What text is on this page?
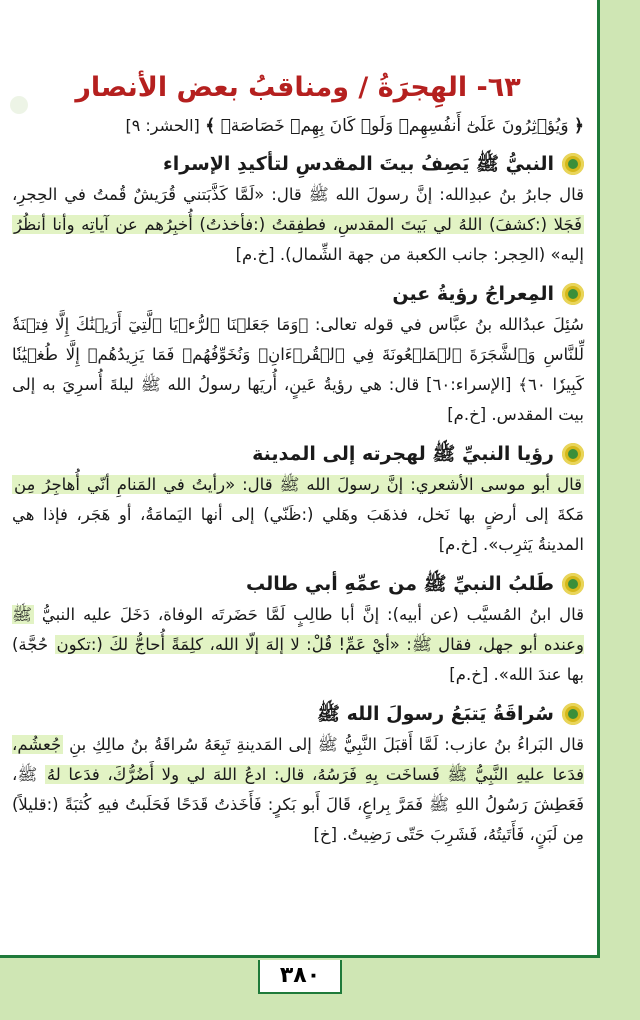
٦٣- الهِجرَةُ / ومناقبُ بعض الأنصار
﴿ وَيُؤۡثِرُونَ عَلَىٰٓ أَنفُسِهِمۡ وَلَوۡ كَانَ بِهِمۡ خَصَاصَةٞ ﴾ [الحشر: ٩]
النبيُّ ﷺ يَصِفُ بيتَ المقدسِ لتأكيدِ الإسراء
قال جابرُ بنُ عبدِالله: إنَّ رسولَ الله ﷺ قال: «لَمَّا كَذَّبَتني قُرَيشٌ قُمتُ في الحِجرِ، فَجَلا (:كشفَ) اللهُ لي بَيتَ المقدسِ، فطفِقتُ (:فأخذتُ) أُخبِرُهم عن آياتِه وأنا أنظُرُ إليه» (الحِجر: جانب الكعبة من جهة الشِّمال). [خ.م]
المِعراجُ رؤيةُ عين
سُئِلَ عبدُالله بنُ عبَّاس في قوله تعالى: ﴿وَمَا جَعَلۡنَا ٱلرُّءۡيَا ٱلَّتِيٓ أَرَيۡنَٰكَ إِلَّا فِتۡنَةٗ لِّلنَّاسِ وَٱلشَّجَرَةَ ٱلۡمَلۡعُونَةَ فِي ٱلۡقُرۡءَانِۚ وَنُخَوِّفُهُمۡ فَمَا يَزِيدُهُمۡ إِلَّا طُغۡيَٰنٗا كَبِيرٗا ٦٠﴾ [الإسراء:٦٠] قال: هي رؤيةُ عَينٍ، أُريَها رسولُ الله ﷺ ليلةَ أُسرِيَ به إلى بيت المقدس. [خ.م]
رؤيا النبيِّ ﷺ لهجرته إلى المدينة
قال أبو موسى الأشعري: إنَّ رسولَ الله ﷺ قال: «رأيتُ في المَنامِ أنّي أُهاجِرُ مِن مَكةَ إلى أرضٍ بها نَخل، فذهَبَ وهَلي (:ظَنّي) إلى أنها اليَمامَةُ، أو هَجَر، فإذا هي المدينةُ يَثرِب». [خ.م]
طَلبُ النبيِّ ﷺ من عمِّهِ أبي طالب
قال ابنُ المُسيَّب (عن أبيه): إنَّ أبا طالِبٍ لَمَّا حَضَرتَه الوفاة، دَخَلَ عليه النبيُّ ﷺ وعنده أبو جهل، فقال ﷺ: «أيْ عَمِّ! قُلْ: لا إلهَ إلّا الله، كلِمَةً أُحاجُّ لكَ (:تكون حُجَّة) بها عندَ الله». [خ.م]
سُراقَةُ يَتبَعُ رسولَ الله ﷺ
قال البَراءُ بنُ عازب: لَمَّا أَقبَلَ النَّبِيُّ ﷺ إلى المَدينةِ تَبِعَهُ سُراقَةُ بنُ مالِكِ بنِ جُعشُم، فدَعا عليهِ النَّبِيُّ ﷺ فَساخَت بِهِ فَرَسُهُ، قال: ادعُ اللهَ لي ولا أَضُرُّكَ، فدَعا لهُ ﷺ، فَعَطِشَ رَسُولُ اللهِ ﷺ فَمَرَّ بِراعٍ، قَالَ أَبو بَكرٍ: فَأَخَذتُ قَدَحًا فَحَلَبتُ فيهِ كُثبَةً (:قليلاً) مِن لَبَنٍ، فَأَتَيتُهُ، فَشَرِبَ حَتّى رَضِيتُ. [خ]
٣٨٠
